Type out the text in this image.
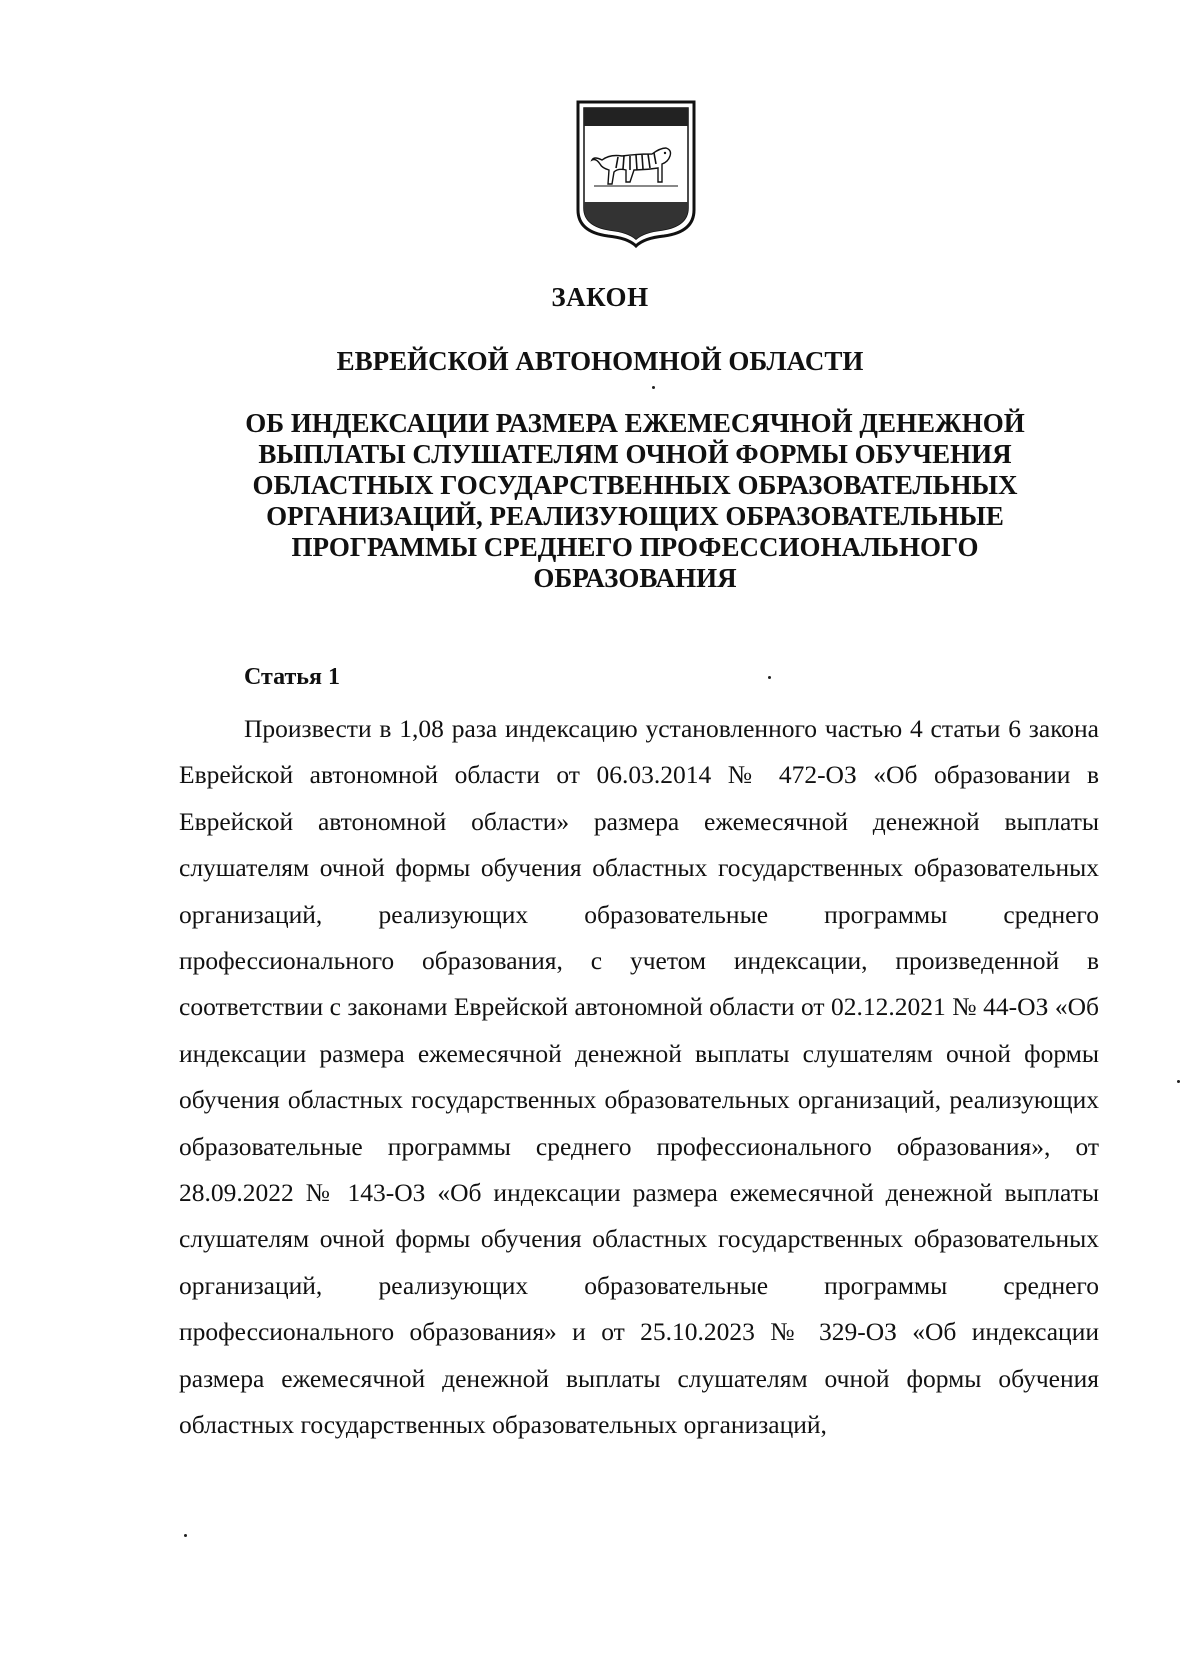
ЗАКОН
ЕВРЕЙСКОЙ АВТОНОМНОЙ ОБЛАСТИ
ОБ ИНДЕКСАЦИИ РАЗМЕРА ЕЖЕМЕСЯЧНОЙ ДЕНЕЖНОЙ ВЫПЛАТЫ СЛУШАТЕЛЯМ ОЧНОЙ ФОРМЫ ОБУЧЕНИЯ ОБЛАСТНЫХ ГОСУДАРСТВЕННЫХ ОБРАЗОВАТЕЛЬНЫХ ОРГАНИЗАЦИЙ, РЕАЛИЗУЮЩИХ ОБРАЗОВАТЕЛЬНЫЕ ПРОГРАММЫ СРЕДНЕГО ПРОФЕССИОНАЛЬНОГО ОБРАЗОВАНИЯ
Статья 1

Произвести в 1,08 раза индексацию установленного частью 4 статьи 6 закона Еврейской автономной области от 06.03.2014 № 472-ОЗ «Об образовании в Еврейской автономной области» размера ежемесячной денежной выплаты слушателям очной формы обучения областных государственных образовательных организаций, реализующих образовательные программы среднего профессионального образования, с учетом индексации, произведенной в соответствии с законами Еврейской автономной области от 02.12.2021 № 44-ОЗ «Об индексации размера ежемесячной денежной выплаты слушателям очной формы обучения областных государственных образовательных организаций, реализующих образовательные программы среднего профессионального образования», от 28.09.2022 № 143-ОЗ «Об индексации размера ежемесячной денежной выплаты слушателям очной формы обучения областных государственных образовательных организаций, реализующих образовательные программы среднего профессионального образования» и от 25.10.2023 № 329-ОЗ «Об индексации размера ежемесячной денежной выплаты слушателям очной формы обучения областных государственных образовательных организаций,
